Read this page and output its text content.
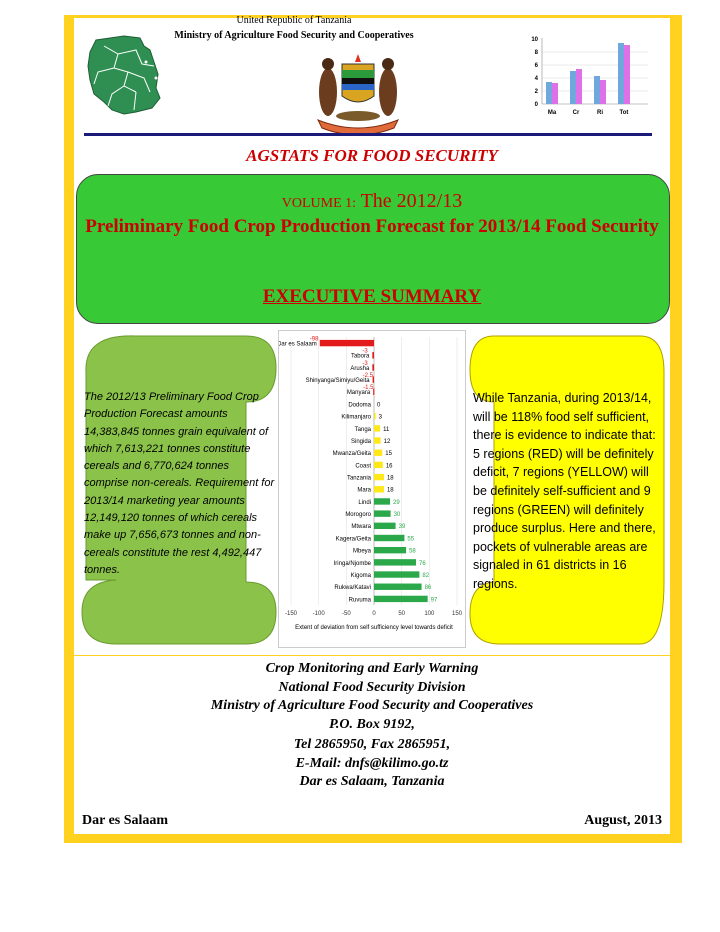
United Republic of Tanzania
Ministry of Agriculture Food Security and Cooperatives
0
2
4
6
8
10
Ma	Cr	Ri	Tot
AGSTATS FOR FOOD SECURITY
VOLUME 1: The 2012/13
Preliminary Food Crop Production Forecast for 2013/14 Food Security
EXECUTIVE SUMMARY
The 2012/13 Preliminary Food Crop Production Forecast amounts 14,383,845 tonnes grain equivalent of which 7,613,221 tonnes constitute cereals and 6,770,624 tonnes comprise non-cereals. Requirement for 2013/14 marketing year amounts 12,149,120 tonnes of which cereals make up 7,656,673 tonnes and non-cereals constitute the rest 4,492,447 tonnes.
While Tanzania, during 2013/14, will be 118% food self sufficient, there is evidence to indicate that: 5 regions (RED) will be definitely deficit, 7 regions (YELLOW) will be definitely self-sufficient and 9 regions (GREEN) will definitely produce surplus. Here and there, pockets of vulnerable areas are signaled in 61 districts in 16 regions.
Dar es Salaam
-98
Tabora
-3
Arusha
-3
Shinyanga/Simiyu/Geita
-2.5
Manyara
-1.5
Dodoma 0
Kilimanjaro 3
Tanga 11
Singida 12
Mwanza/Geita 15
Coast 16
Tanzania	18
Mara	18
Lindi	29
Morogoro	30
Mtwara	39
Kagera/Geita	55
Mbeya	58
Iringa/Njombe	76
Kigoma	82
Rukwa/Katavi	86
Ruvuma	97
-150	-100	-50	0	50	100	150
Extent of deviation from self sufficiency level towards deficit
Crop Monitoring and Early Warning
National Food Security Division
Ministry of Agriculture Food Security and Cooperatives
P.O. Box 9192,
Tel 2865950, Fax 2865951,
E-Mail: dnfs@kilimo.go.tz
Dar es Salaam, Tanzania
Dar es Salaam	August, 2013
